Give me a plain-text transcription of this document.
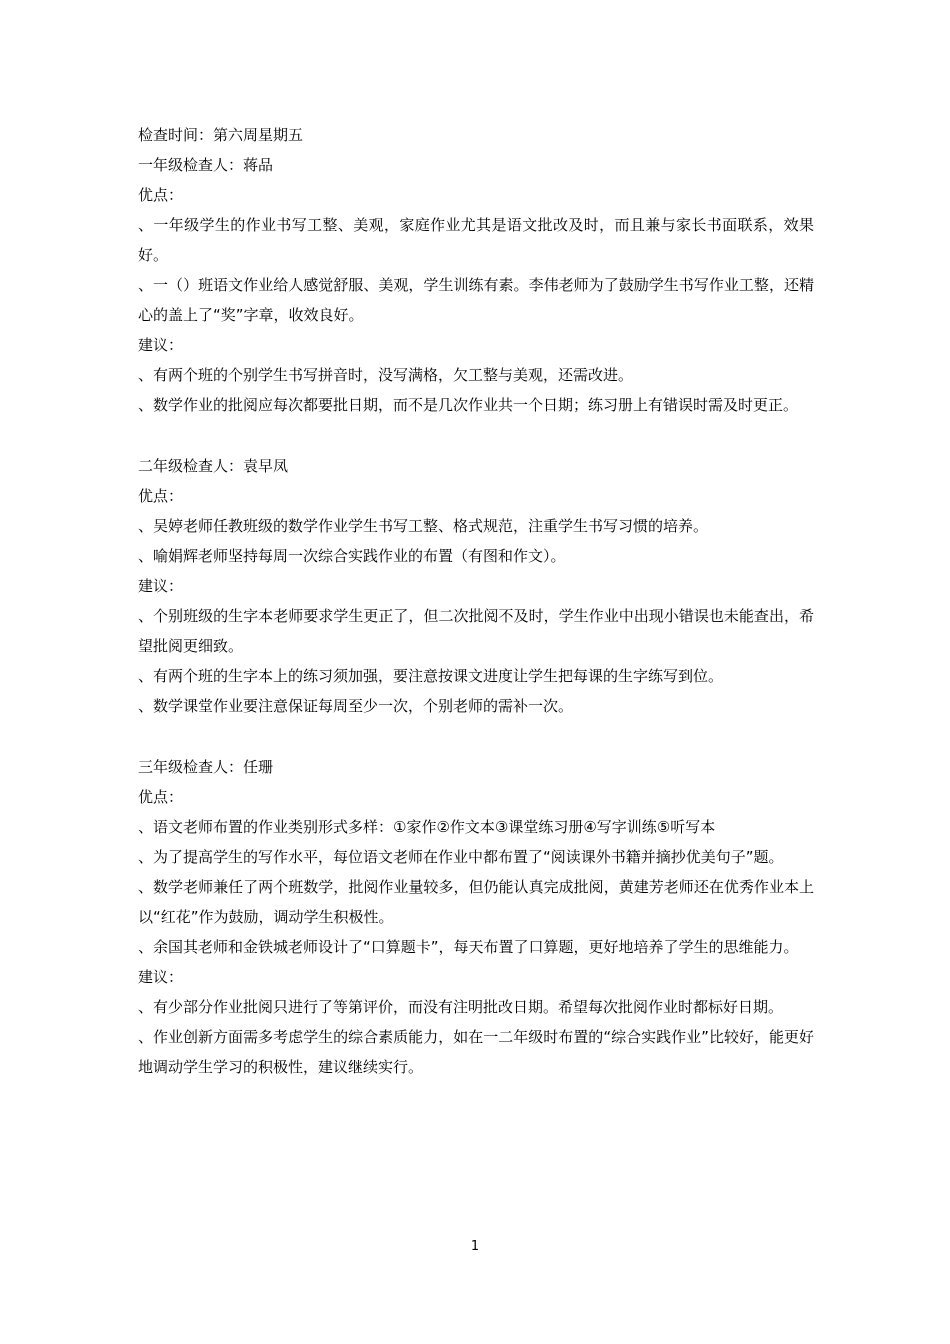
检查时间：第六周星期五
一年级检查人：蒋品
优点：
、一年级学生的作业书写工整、美观，家庭作业尤其是语文批改及时，而且兼与家长书面联系，效果好。
、一（）班语文作业给人感觉舒服、美观，学生训练有素。李伟老师为了鼓励学生书写作业工整，还精心的盖上了“奖”字章，收效良好。
建议：
、有两个班的个别学生书写拼音时，没写满格，欠工整与美观，还需改进。
、数学作业的批阅应每次都要批日期，而不是几次作业共一个日期；练习册上有错误时需及时更正。
二年级检查人：袁早凤
优点：
、吴婷老师任教班级的数学作业学生书写工整、格式规范，注重学生书写习惯的培养。
、喻娟辉老师坚持每周一次综合实践作业的布置（有图和作文）。
建议：
、个别班级的生字本老师要求学生更正了，但二次批阅不及时，学生作业中出现小错误也未能查出，希望批阅更细致。
、有两个班的生字本上的练习须加强，要注意按课文进度让学生把每课的生字练写到位。
、数学课堂作业要注意保证每周至少一次，个别老师的需补一次。
三年级检查人：任珊
优点：
、语文老师布置的作业类别形式多样：①家作②作文本③课堂练习册④写字训练⑤听写本
、为了提高学生的写作水平，每位语文老师在作业中都布置了“阅读课外书籍并摘抄优美句子”题。
、数学老师兼任了两个班数学，批阅作业量较多，但仍能认真完成批阅，黄建芳老师还在优秀作业本上以“红花”作为鼓励，调动学生积极性。
、余国其老师和金铁城老师设计了“口算题卡”，每天布置了口算题，更好地培养了学生的思维能力。
建议：
、有少部分作业批阅只进行了等第评价，而没有注明批改日期。希望每次批阅作业时都标好日期。
、作业创新方面需多考虑学生的综合素质能力，如在一二年级时布置的“综合实践作业”比较好，能更好地调动学生学习的积极性，建议继续实行。
1
